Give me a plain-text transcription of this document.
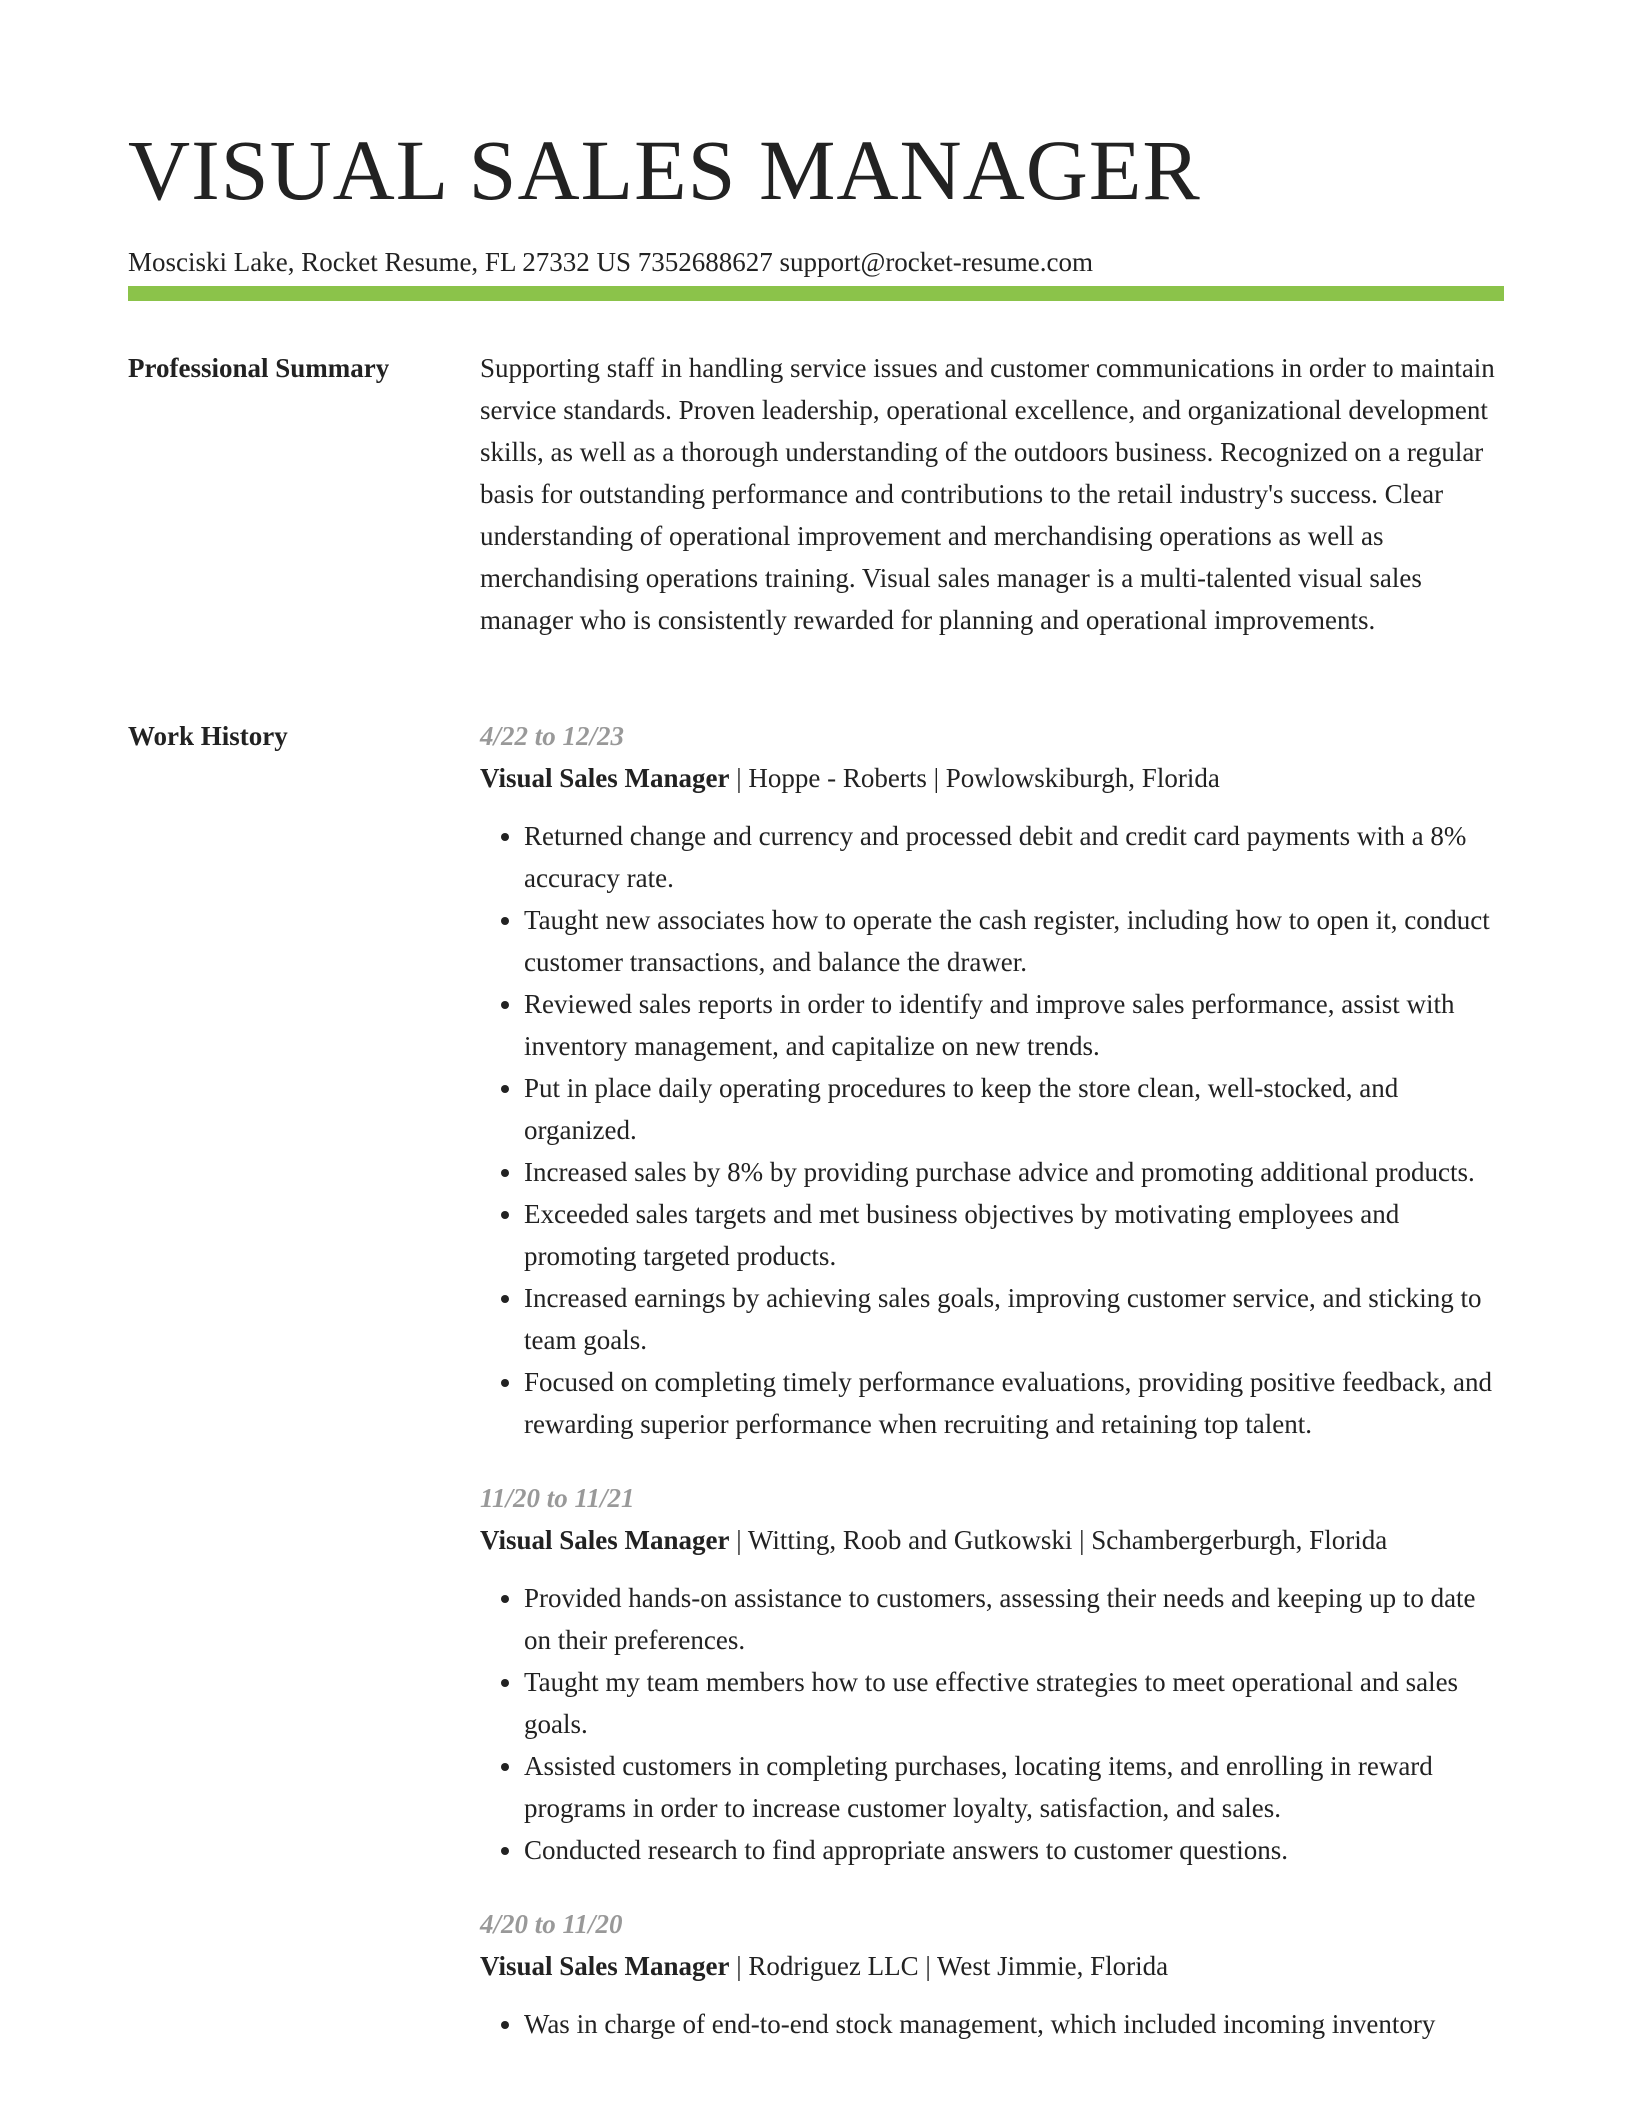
VISUAL SALES MANAGER
Mosciski Lake, Rocket Resume, FL 27332 US 7352688627 support@rocket-resume.com
Professional Summary	Supporting staff in handling service issues and customer communications in order to maintain service standards. Proven leadership, operational excellence, and organizational development skills, as well as a thorough understanding of the outdoors business. Recognized on a regular basis for outstanding performance and contributions to the retail industry's success. Clear understanding of operational improvement and merchandising operations as well as merchandising operations training. Visual sales manager is a multi-talented visual sales manager who is consistently rewarded for planning and operational improvements.

Work History	4/22 to 12/23
Visual Sales Manager | Hoppe - Roberts | Powlowskiburgh, Florida
• Returned change and currency and processed debit and credit card payments with a 8% accuracy rate.
• Taught new associates how to operate the cash register, including how to open it, conduct customer transactions, and balance the drawer.
• Reviewed sales reports in order to identify and improve sales performance, assist with inventory management, and capitalize on new trends.
• Put in place daily operating procedures to keep the store clean, well-stocked, and organized.
• Increased sales by 8% by providing purchase advice and promoting additional products.
• Exceeded sales targets and met business objectives by motivating employees and promoting targeted products.
• Increased earnings by achieving sales goals, improving customer service, and sticking to team goals.
• Focused on completing timely performance evaluations, providing positive feedback, and rewarding superior performance when recruiting and retaining top talent.
11/20 to 11/21
Visual Sales Manager | Witting, Roob and Gutkowski | Schambergerburgh, Florida
• Provided hands-on assistance to customers, assessing their needs and keeping up to date on their preferences.
• Taught my team members how to use effective strategies to meet operational and sales goals.
• Assisted customers in completing purchases, locating items, and enrolling in reward programs in order to increase customer loyalty, satisfaction, and sales.
• Conducted research to find appropriate answers to customer questions.
4/20 to 11/20
Visual Sales Manager | Rodriguez LLC | West Jimmie, Florida
• Was in charge of end-to-end stock management, which included incoming inventory
